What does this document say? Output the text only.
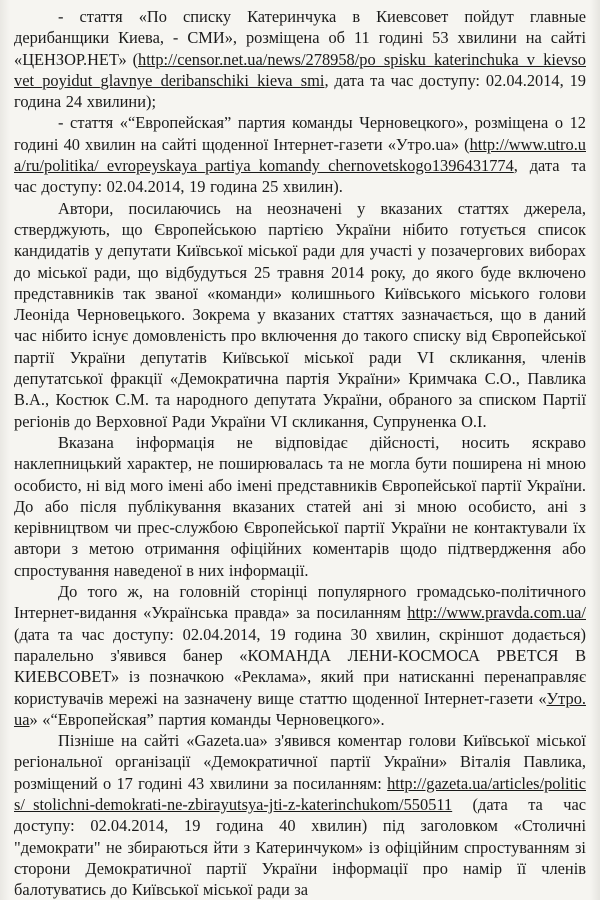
- стаття «По списку Катеринчука в Киевсовет пойдут главные дерибанщики Киева, - СМИ», розміщена об 11 годині 53 хвилини на сайті «ЦЕНЗОР.НЕТ» (http://censor.net.ua/news/278958/po_spisku_katerinchuka_v_kievsovet_poyidut_glavnye_deribanschiki_kieva_smi, дата та час доступу: 02.04.2014, 19 година 24 хвилини);

- стаття «“Европейская” партия команды Черновецкого», розміщена о 12 годині 40 хвилин на сайті щоденної Інтернет-газети «Утро.ua» (http://www.utro.ua/ru/politika/_evropeyskaya_partiya_komandy_chernovetskogo1396431774, дата та час доступу: 02.04.2014, 19 година 25 хвилин).

Автори, посилаючись на неозначені у вказаних статтях джерела, стверджують, що Європейською партією України нібито готується список кандидатів у депутати Київської міської ради для участі у позачергових виборах до міської ради, що відбудуться 25 травня 2014 року, до якого буде включено представників так званої «команди» колишнього Київського міського голови Леоніда Черновецького. Зокрема у вказаних статтях зазначається, що в даний час нібито існує домовленість про включення до такого списку від Європейської партії України депутатів Київської міської ради VI скликання, членів депутатської фракції «Демократична партія України» Кримчака С.О., Павлика В.А., Костюк С.М. та народного депутата України, обраного за списком Партії регіонів до Верховної Ради України VI скликання, Супруненка О.І.

Вказана інформація не відповідає дійсності, носить яскраво наклепницький характер, не поширювалась та не могла бути поширена ні мною особисто, ні від мого імені або імені представників Європейської партії України. До або після публікування вказаних статей ані зі мною особисто, ані з керівництвом чи прес-службою Європейської партії України не контактували їх автори з метою отримання офіційних коментарів щодо підтвердження або спростування наведеної в них інформації.

До того ж, на головній сторінці популярного громадсько-політичного Інтернет-видання «Українська правда» за посиланням http://www.pravda.com.ua/ (дата та час доступу: 02.04.2014, 19 година 30 хвилин, скріншот додається) паралельно з'явився банер «КОМАНДА ЛЕНИ-КОСМОСА РВЕТСЯ В КИЕВСОВЕТ» із позначкою «Реклама», який при натисканні перенаправляє користувачів мережі на зазначену вище статтю щоденної Інтернет-газети «Утро.ua» «“Европейская” партия команды Черновецкого».

Пізніше на сайті «Gazeta.ua» з'явився коментар голови Київської міської регіональної організації «Демократичної партії України» Віталія Павлика, розміщений о 17 годині 43 хвилини за посиланням: http://gazeta.ua/articles/politics/_stolichni-demokrati-ne-zbirayutsya-jti-z-katerinchukom/550511 (дата та час доступу: 02.04.2014, 19 година 40 хвилин) під заголовком «Столичні "демократи" не збираються йти з Катеринчуком» із офіційним спростуванням зі сторони Демократичної партії України інформації про намір її членів балотуватись до Київської міської ради за
